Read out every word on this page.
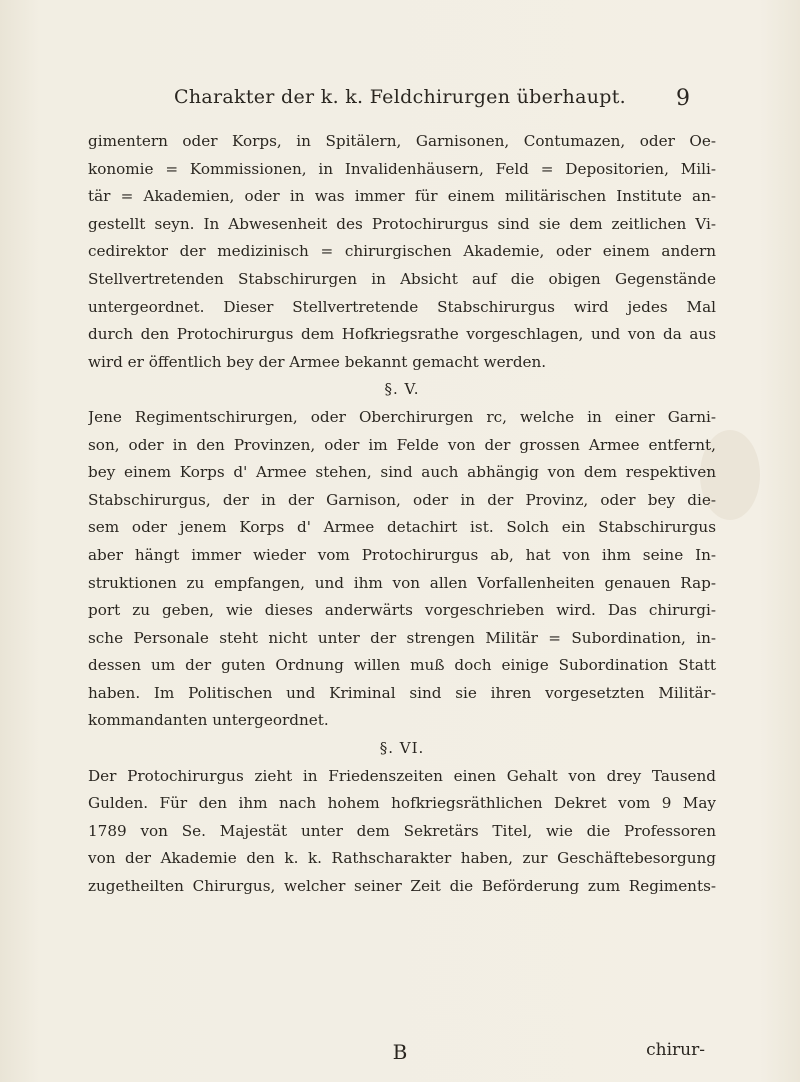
Charakter der k. k. Feldchirurgen überhaupt.	9
gimentern oder Korps, in Spitälern, Garnisonen, Contumazen, oder Oe-
konomie = Kommissionen, in Invalidenhäusern, Feld = Depositorien, Mili-
tär = Akademien, oder in was immer für einem militärischen Institute an-
gestellt seyn. In Abwesenheit des Protochirurgus sind sie dem zeitlichen Vi-
cedirektor der medizinisch = chirurgischen Akademie, oder einem andern
Stellvertretenden Stabschirurgen in Absicht auf die obigen Gegenstände
untergeordnet. Dieser Stellvertretende Stabschirurgus wird jedes Mal
durch den Protochirurgus dem Hofkriegsrathe vorgeschlagen, und von da aus
wird er öffentlich bey der Armee bekannt gemacht werden.
§. V.
Jene Regimentschirurgen, oder Oberchirurgen rc, welche in einer Garni-
son, oder in den Provinzen, oder im Felde von der grossen Armee entfernt,
bey einem Korps d' Armee stehen, sind auch abhängig von dem respektiven
Stabschirurgus, der in der Garnison, oder in der Provinz, oder bey die-
sem oder jenem Korps d' Armee detachirt ist. Solch ein Stabschirurgus
aber hängt immer wieder vom Protochirurgus ab, hat von ihm seine In-
struktionen zu empfangen, und ihm von allen Vorfallenheiten genauen Rap-
port zu geben, wie dieses anderwärts vorgeschrieben wird. Das chirurgi-
sche Personale steht nicht unter der strengen Militär = Subordination, in-
dessen um der guten Ordnung willen muß doch einige Subordination Statt
haben. Im Politischen und Kriminal sind sie ihren vorgesetzten Militär-
kommandanten untergeordnet.
§. VI.
Der Protochirurgus zieht in Friedenszeiten einen Gehalt von drey Tausend
Gulden. Für den ihm nach hohem hofkriegsräthlichen Dekret vom 9 May
1789 von Se. Majestät unter dem Sekretärs Titel, wie die Professoren
von der Akademie den k. k. Rathscharakter haben, zur Geschäftebesorgung
zugetheilten Chirurgus, welcher seiner Zeit die Beförderung zum Regiments-
B	chirur-
